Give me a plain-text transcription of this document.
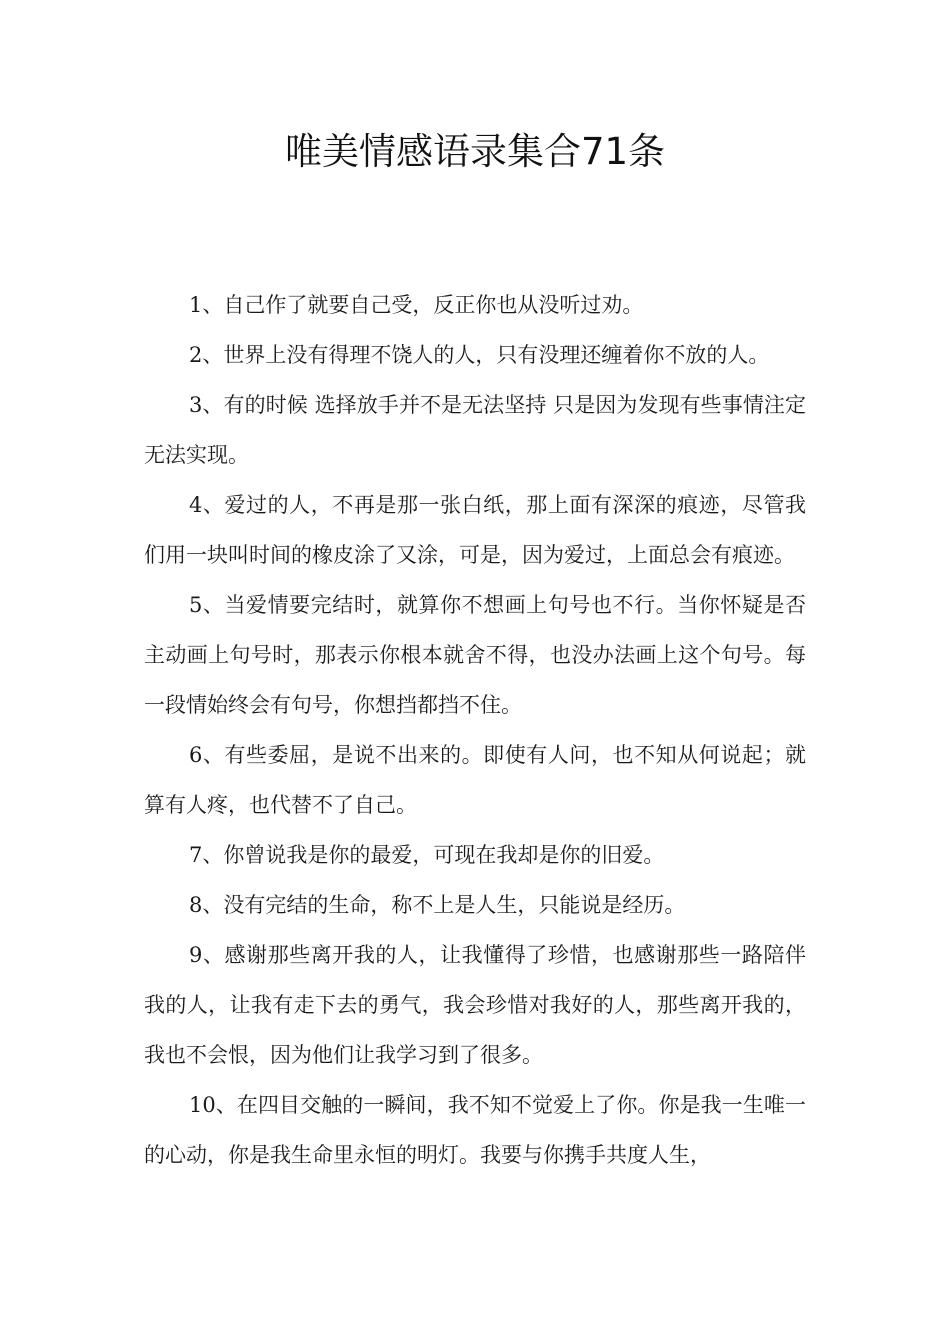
唯美情感语录集合71条

1、自己作了就要自己受，反正你也从没听过劝。

2、世界上没有得理不饶人的人，只有没理还缠着你不放的人。

3、有的时候 选择放手并不是无法坚持 只是因为发现有些事情注定无法实现。

4、爱过的人，不再是那一张白纸，那上面有深深的痕迹，尽管我们用一块叫时间的橡皮涂了又涂，可是，因为爱过，上面总会有痕迹。

5、当爱情要完结时，就算你不想画上句号也不行。当你怀疑是否主动画上句号时，那表示你根本就舍不得，也没办法画上这个句号。每一段情始终会有句号，你想挡都挡不住。

6、有些委屈，是说不出来的。即使有人问，也不知从何说起；就算有人疼，也代替不了自己。

7、你曾说我是你的最爱，可现在我却是你的旧爱。

8、没有完结的生命，称不上是人生，只能说是经历。

9、感谢那些离开我的人，让我懂得了珍惜，也感谢那些一路陪伴我的人，让我有走下去的勇气，我会珍惜对我好的人，那些离开我的，我也不会恨，因为他们让我学习到了很多。

10、在四目交触的一瞬间，我不知不觉爱上了你。你是我一生唯一的心动，你是我生命里永恒的明灯。我要与你携手共度人生，
